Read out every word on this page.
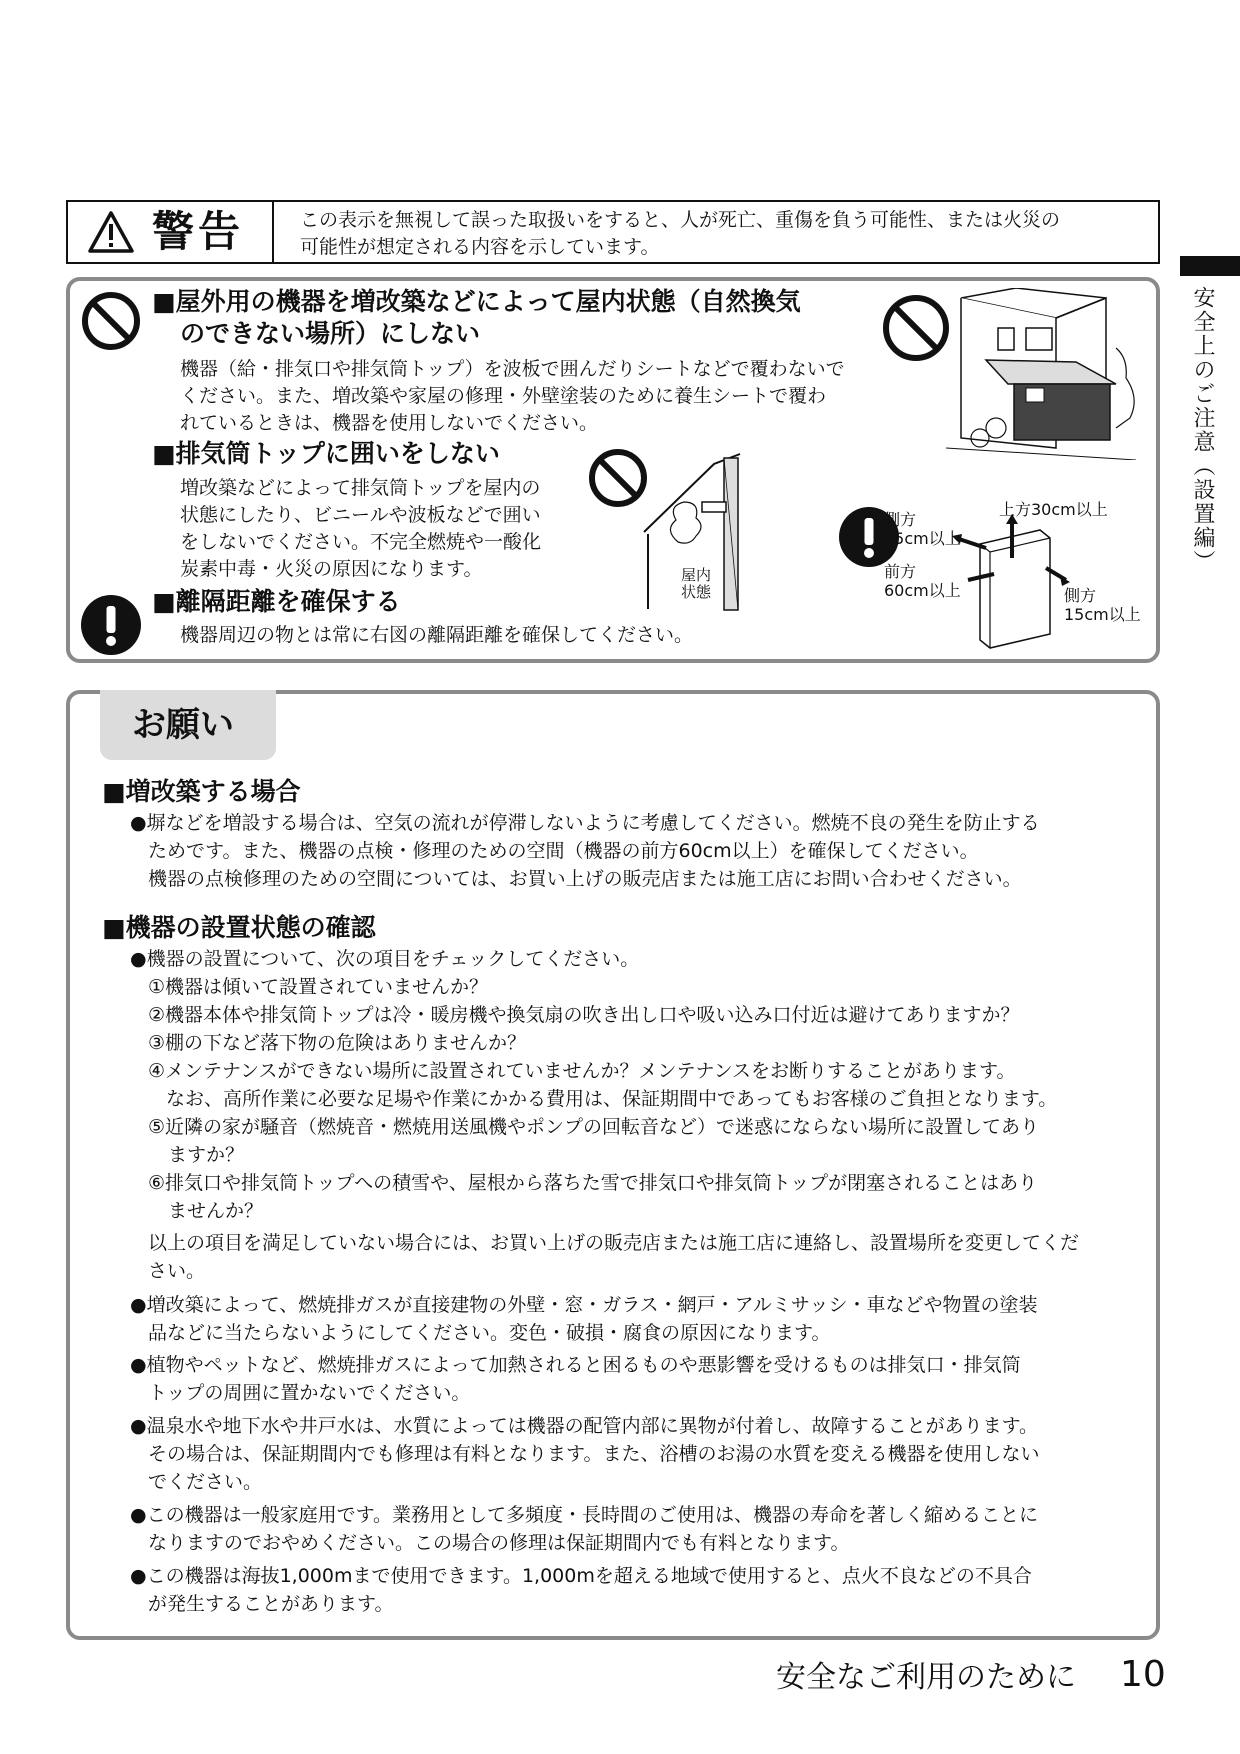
警告	この表示を無視して誤った取扱いをすると、人が死亡、重傷を負う可能性、または火災の
可能性が想定される内容を示しています。
安全上のご注意（設置編）
■屋外用の機器を増改築などによって屋内状態（自然換気
のできない場所）にしない
機器（給・排気口や排気筒トップ）を波板で囲んだりシートなどで覆わないで
ください。また、増改築や家屋の修理・外壁塗装のために養生シートで覆わ
れているときは、機器を使用しないでください。
■排気筒トップに囲いをしない
増改築などによって排気筒トップを屋内の
状態にしたり、ビニールや波板などで囲い
をしないでください。不完全燃焼や一酸化
炭素中毒・火災の原因になります。	屋内
状態
■離隔距離を確保する
機器周辺の物とは常に右図の離隔距離を確保してください。
上方30cm以上
側方
15cm以上
前方
60cm以上	側方
15cm以上
お願い
■増改築する場合
●塀などを増設する場合は、空気の流れが停滞しないように考慮してください。燃焼不良の発生を防止する
ためです。また、機器の点検・修理のための空間（機器の前方60cm以上）を確保してください。
機器の点検修理のための空間については、お買い上げの販売店または施工店にお問い合わせください。
■機器の設置状態の確認
●機器の設置について、次の項目をチェックしてください。
①機器は傾いて設置されていませんか？
②機器本体や排気筒トップは冷・暖房機や換気扇の吹き出し口や吸い込み口付近は避けてありますか？
③棚の下など落下物の危険はありませんか？
④メンテナンスができない場所に設置されていませんか？メンテナンスをお断りすることがあります。
なお、高所作業に必要な足場や作業にかかる費用は、保証期間中であってもお客様のご負担となります。
⑤近隣の家が騒音（燃焼音・燃焼用送風機やポンプの回転音など）で迷惑にならない場所に設置してあり
ますか？
⑥排気口や排気筒トップへの積雪や、屋根から落ちた雪で排気口や排気筒トップが閉塞されることはあり
ませんか？
以上の項目を満足していない場合には、お買い上げの販売店または施工店に連絡し、設置場所を変更してくだ
さい。
●増改築によって、燃焼排ガスが直接建物の外壁・窓・ガラス・網戸・アルミサッシ・車などや物置の塗装
品などに当たらないようにしてください。変色・破損・腐食の原因になります。
●植物やペットなど、燃焼排ガスによって加熱されると困るものや悪影響を受けるものは排気口・排気筒
トップの周囲に置かないでください。
●温泉水や地下水や井戸水は、水質によっては機器の配管内部に異物が付着し、故障することがあります。
その場合は、保証期間内でも修理は有料となります。また、浴槽のお湯の水質を変える機器を使用しない
でください。
●この機器は一般家庭用です。業務用として多頻度・長時間のご使用は、機器の寿命を著しく縮めることに
なりますのでおやめください。この場合の修理は保証期間内でも有料となります。
●この機器は海抜1,000mまで使用できます。1,000mを超える地域で使用すると、点火不良などの不具合
が発生することがあります。
安全なご利用のために 10
